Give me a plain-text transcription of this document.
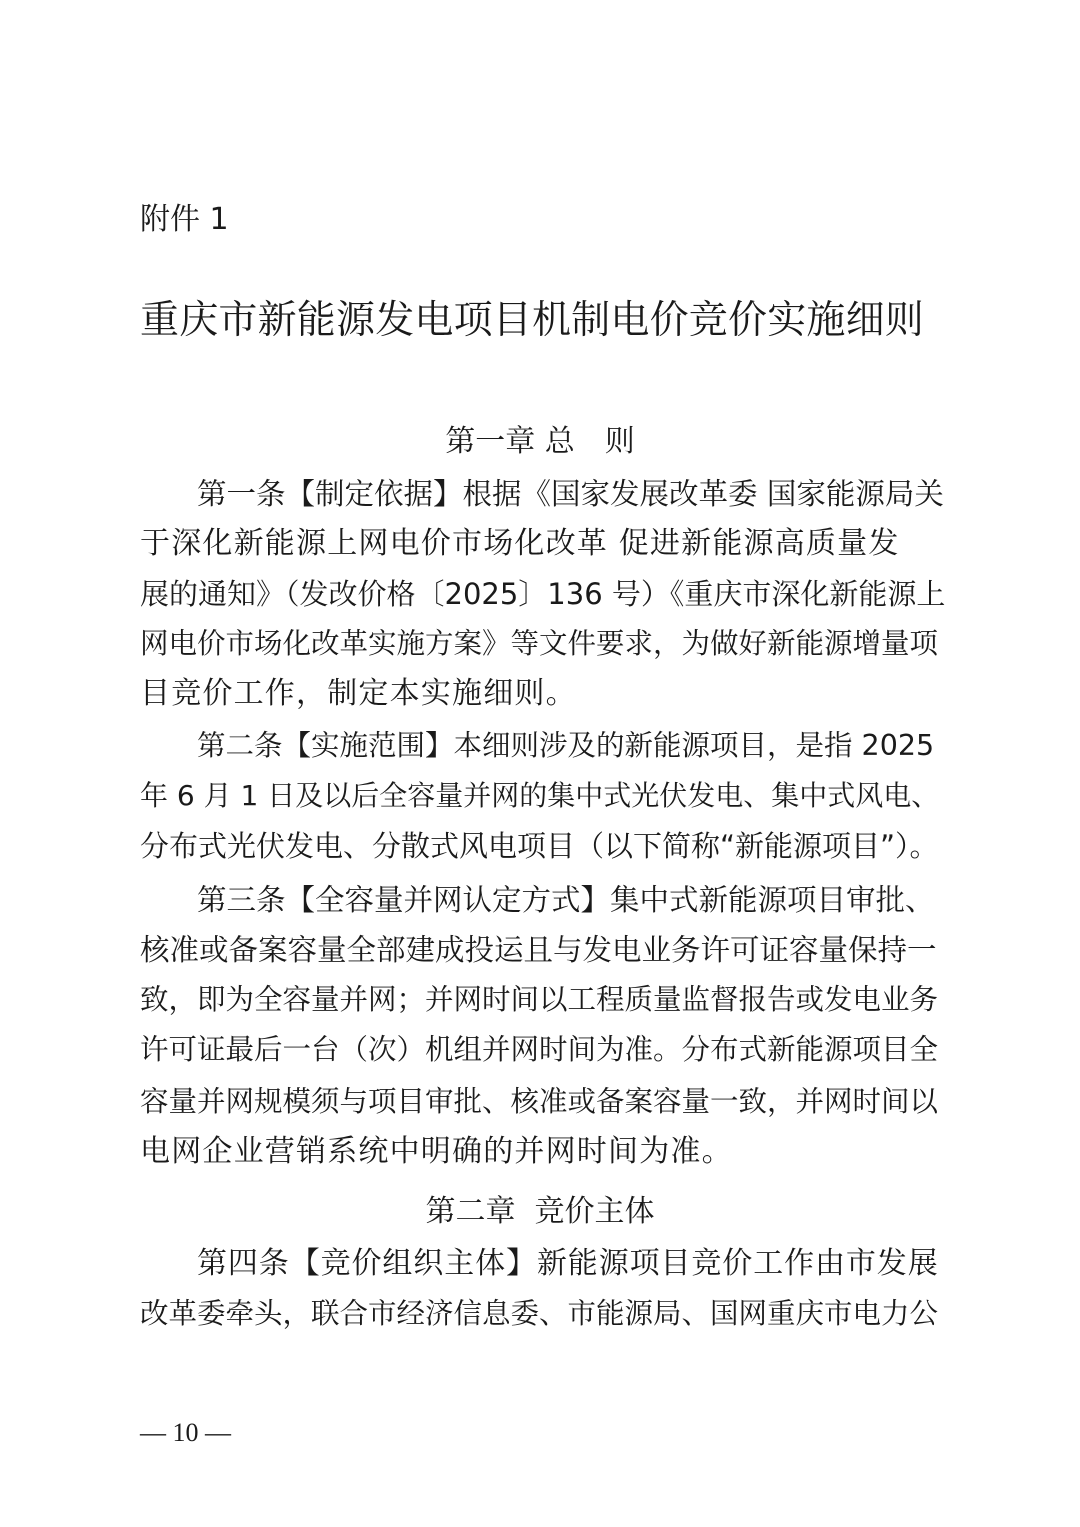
附件 1
重庆市新能源发电项目机制电价竞价实施细则
第一章 总　则
第一条【制定依据】根据《国家发展改革委 国家能源局关
于深化新能源上网电价市场化改革 促进新能源高质量发
展的通知》（发改价格〔2025〕136 号）《重庆市深化新能源上
网电价市场化改革实施方案》等文件要求，为做好新能源增量项
目竞价工作，制定本实施细则。
第二条【实施范围】本细则涉及的新能源项目，是指 2025
年 6 月 1 日及以后全容量并网的集中式光伏发电、集中式风电、
分布式光伏发电、分散式风电项目（以下简称“新能源项目”）。
第三条【全容量并网认定方式】集中式新能源项目审批、
核准或备案容量全部建成投运且与发电业务许可证容量保持一
致，即为全容量并网；并网时间以工程质量监督报告或发电业务
许可证最后一台（次）机组并网时间为准。分布式新能源项目全
容量并网规模须与项目审批、核准或备案容量一致，并网时间以
电网企业营销系统中明确的并网时间为准。
第二章  竞价主体
第四条【竞价组织主体】新能源项目竞价工作由市发展
改革委牵头，联合市经济信息委、市能源局、国网重庆市电力公
— 10 —
